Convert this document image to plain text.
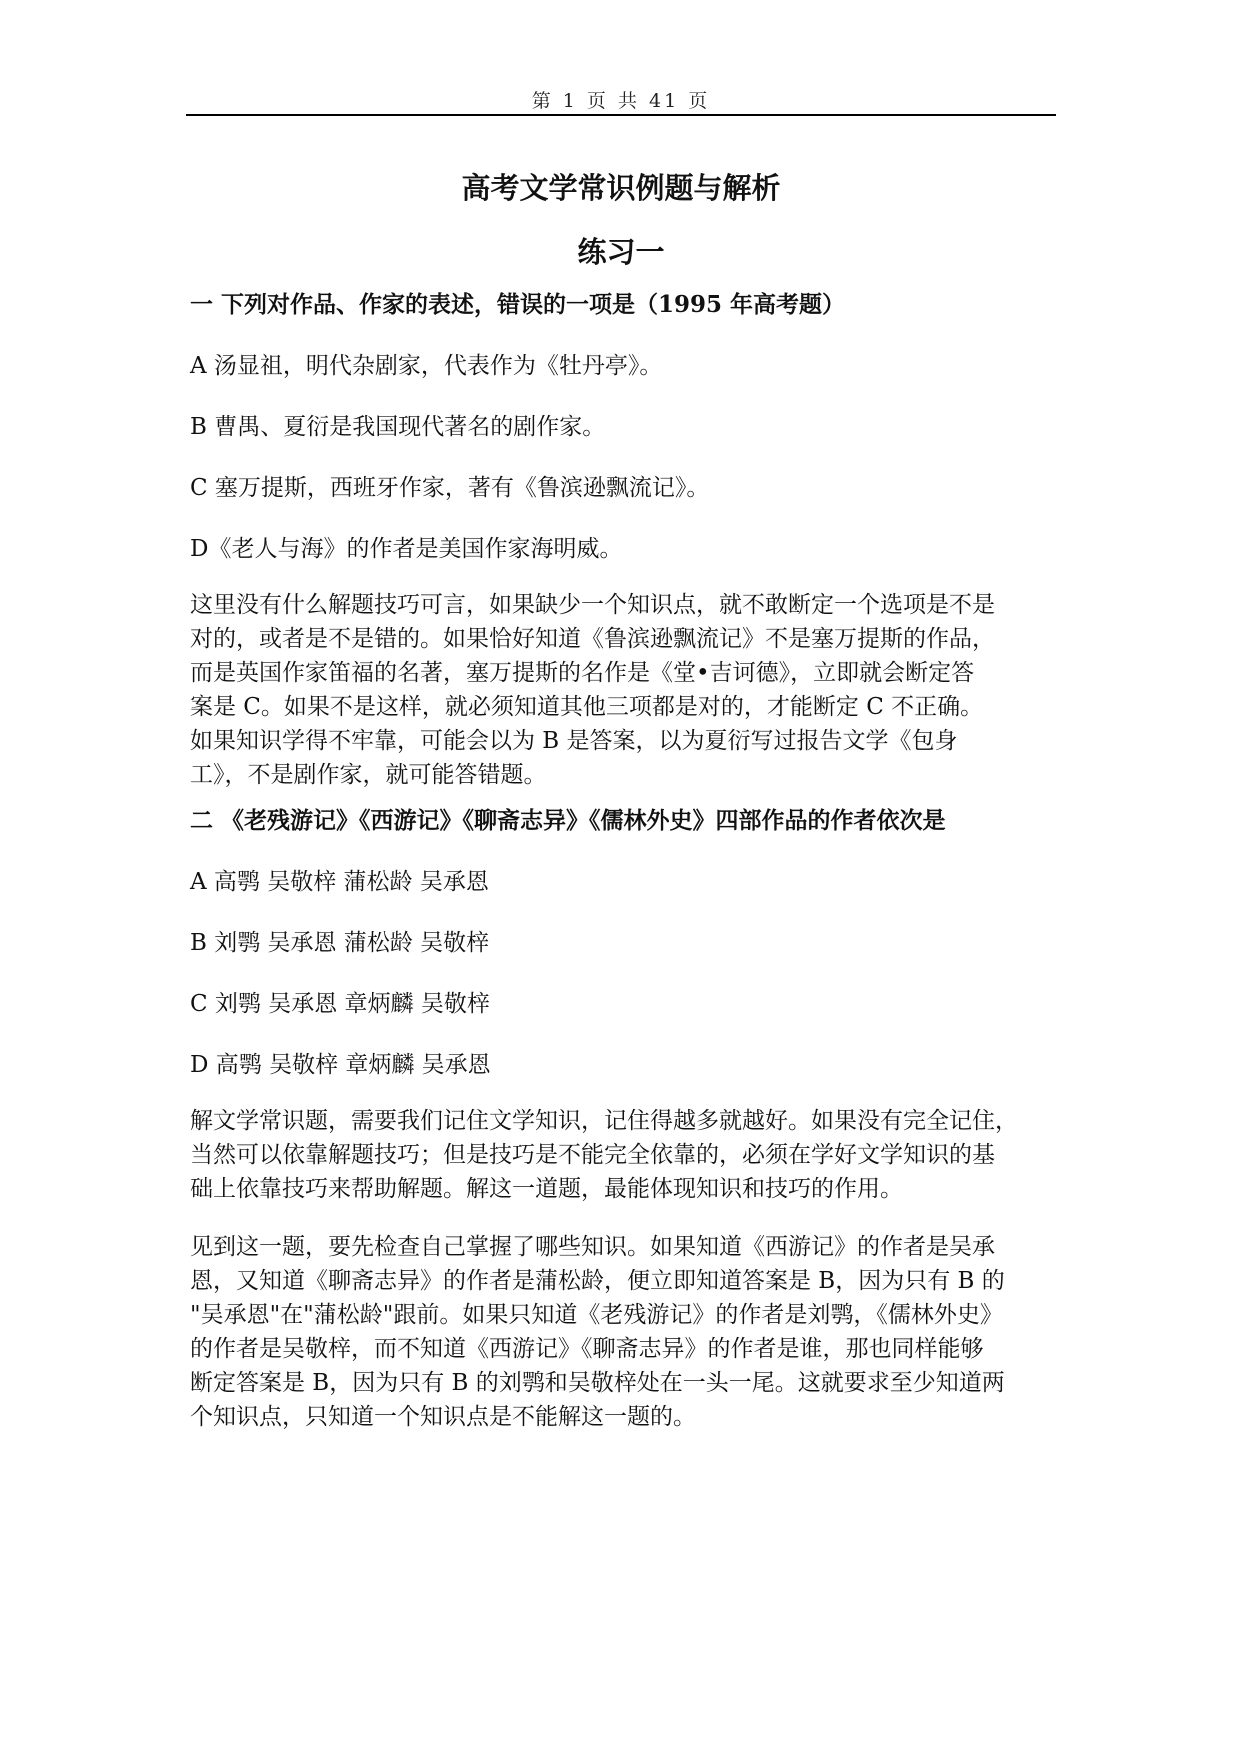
第 1 页 共 41 页
高考文学常识例题与解析
练习一
一 下列对作品、作家的表述，错误的一项是（1995 年高考题）
A 汤显祖，明代杂剧家，代表作为《牡丹亭》。
B 曹禺、夏衍是我国现代著名的剧作家。
C 塞万提斯，西班牙作家，著有《鲁滨逊飘流记》。
D《老人与海》的作者是美国作家海明威。
这里没有什么解题技巧可言，如果缺少一个知识点，就不敢断定一个选项是不是
对的，或者是不是错的。如果恰好知道《鲁滨逊飘流记》不是塞万提斯的作品，
而是英国作家笛福的名著，塞万提斯的名作是《堂•吉诃德》，立即就会断定答
案是 C。如果不是这样，就必须知道其他三项都是对的，才能断定 C 不正确。
如果知识学得不牢靠，可能会以为 B 是答案，以为夏衍写过报告文学《包身
工》，不是剧作家，就可能答错题。
二 《老残游记》《西游记》《聊斋志异》《儒林外史》四部作品的作者依次是
A 高鹗 吴敬梓 蒲松龄 吴承恩
B 刘鹗 吴承恩 蒲松龄 吴敬梓
C 刘鹗 吴承恩 章炳麟 吴敬梓
D 高鹗 吴敬梓 章炳麟 吴承恩
解文学常识题，需要我们记住文学知识，记住得越多就越好。如果没有完全记住，
当然可以依靠解题技巧；但是技巧是不能完全依靠的，必须在学好文学知识的基
础上依靠技巧来帮助解题。解这一道题，最能体现知识和技巧的作用。
见到这一题，要先检查自己掌握了哪些知识。如果知道《西游记》的作者是吴承
恩，又知道《聊斋志异》的作者是蒲松龄，便立即知道答案是 B，因为只有 B 的
"吴承恩"在"蒲松龄"跟前。如果只知道《老残游记》的作者是刘鹗，《儒林外史》
的作者是吴敬梓，而不知道《西游记》《聊斋志异》的作者是谁，那也同样能够
断定答案是 B，因为只有 B 的刘鹗和吴敬梓处在一头一尾。这就要求至少知道两
个知识点，只知道一个知识点是不能解这一题的。
